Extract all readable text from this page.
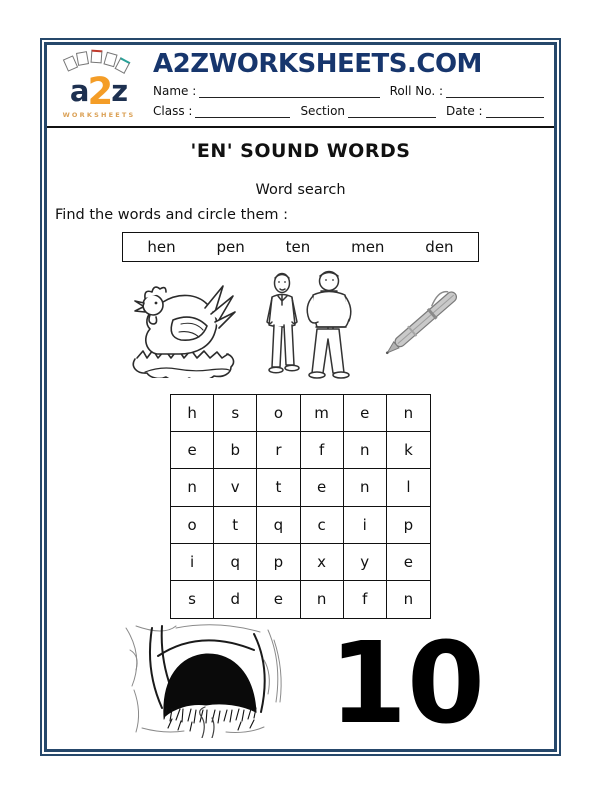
a2z
WORKSHEETS
A2ZWORKSHEETS.COM
Name :	Roll No. :
Class :	Section	Date :
'EN' SOUND WORDS
Word search
Find the words and circle them :
hen	pen	ten	men	den
h	s	o	m	e	n
e	b	r	f	n	k
n	v	t	e	n	l
o	t	q	c	i	p
i	q	p	x	y	e
s	d	e	n	f	n
10
